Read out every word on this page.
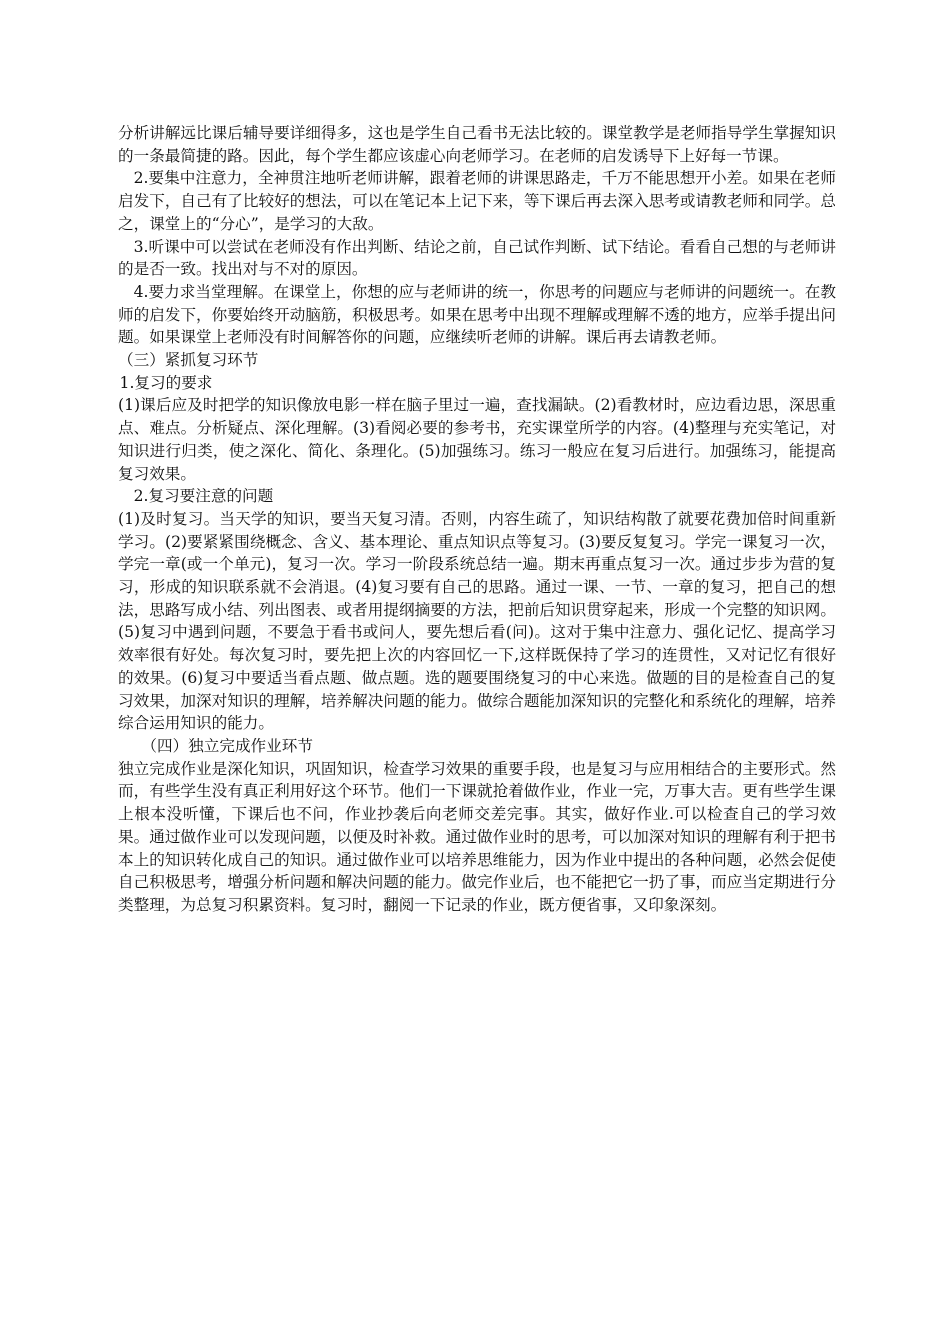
分析讲解远比课后辅导要详细得多，这也是学生自己看书无法比较的。课堂教学是老师指导学生掌握知识的一条最简捷的路。因此，每个学生都应该虚心向老师学习。在老师的启发诱导下上好每一节课。

2.要集中注意力，全神贯注地听老师讲解，跟着老师的讲课思路走，千万不能思想开小差。如果在老师启发下，自己有了比较好的想法，可以在笔记本上记下来，等下课后再去深入思考或请教老师和同学。总之，课堂上的“分心”，是学习的大敌。

3.听课中可以尝试在老师没有作出判断、结论之前，自己试作判断、试下结论。看看自己想的与老师讲的是否一致。找出对与不对的原因。

4.要力求当堂理解。在课堂上，你想的应与老师讲的统一，你思考的问题应与老师讲的问题统一。在教师的启发下，你要始终开动脑筋，积极思考。如果在思考中出现不理解或理解不透的地方，应举手提出问题。如果课堂上老师没有时间解答你的问题，应继续听老师的讲解。课后再去请教老师。

（三）紧抓复习环节

1.复习的要求

(1)课后应及时把学的知识像放电影一样在脑子里过一遍，查找漏缺。(2)看教材时，应边看边思，深思重点、难点。分析疑点、深化理解。(3)看阅必要的参考书，充实课堂所学的内容。(4)整理与充实笔记，对知识进行归类，使之深化、简化、条理化。(5)加强练习。练习一般应在复习后进行。加强练习，能提高复习效果。

2.复习要注意的问题

(1)及时复习。当天学的知识，要当天复习清。否则，内容生疏了，知识结构散了就要花费加倍时间重新学习。(2)要紧紧围绕概念、含义、基本理论、重点知识点等复习。(3)要反复复习。学完一课复习一次，学完一章(或一个单元)，复习一次。学习一阶段系统总结一遍。期末再重点复习一次。通过步步为营的复习，形成的知识联系就不会消退。(4)复习要有自己的思路。通过一课、一节、一章的复习，把自己的想法，思路写成小结、列出图表、或者用提纲摘要的方法，把前后知识贯穿起来，形成一个完整的知识网。(5)复习中遇到问题，不要急于看书或问人，要先想后看(问)。这对于集中注意力、强化记忆、提高学习效率很有好处。每次复习时，要先把上次的内容回忆一下,这样既保持了学习的连贯性，又对记忆有很好的效果。(6)复习中要适当看点题、做点题。选的题要围绕复习的中心来选。做题的目的是检查自己的复习效果，加深对知识的理解，培养解决问题的能力。做综合题能加深知识的完整化和系统化的理解，培养综合运用知识的能力。

（四）独立完成作业环节

独立完成作业是深化知识，巩固知识，检查学习效果的重要手段，也是复习与应用相结合的主要形式。然而，有些学生没有真正利用好这个环节。他们一下课就抢着做作业，作业一完，万事大吉。更有些学生课上根本没听懂，下课后也不问，作业抄袭后向老师交差完事。其实，做好作业.可以检查自己的学习效果。通过做作业可以发现问题，以便及时补救。通过做作业时的思考，可以加深对知识的理解有利于把书本上的知识转化成自己的知识。通过做作业可以培养思维能力，因为作业中提出的各种问题，必然会促使自己积极思考，增强分析问题和解决问题的能力。做完作业后，也不能把它一扔了事，而应当定期进行分类整理，为总复习积累资料。复习时，翻阅一下记录的作业，既方便省事，又印象深刻。
